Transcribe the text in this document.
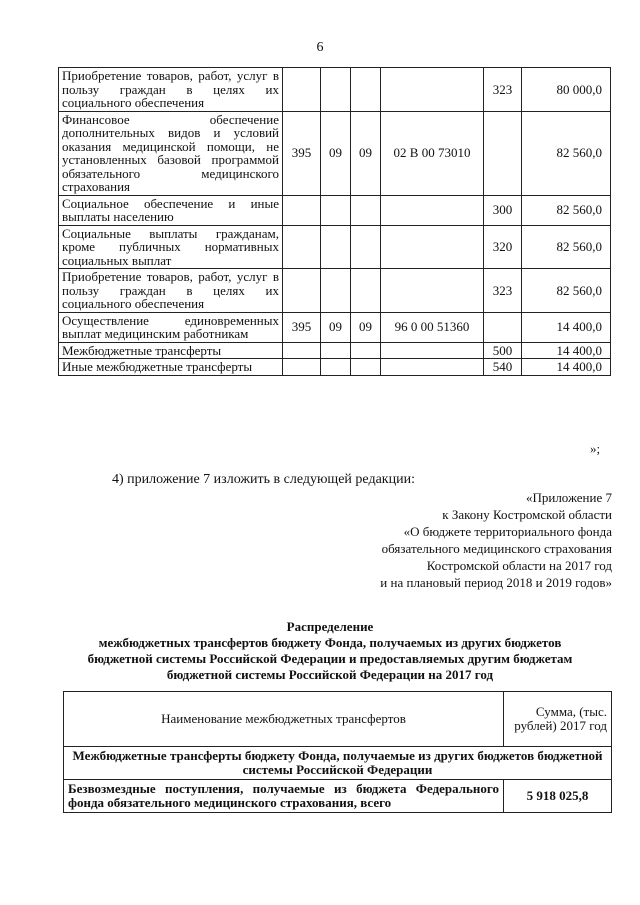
6
Приобретение товаров, работ, услуг в пользу граждан в целях их социального обеспечения					323	80 000,0
Финансовое обеспечение дополнительных видов и условий оказания медицинской помощи, не установленных базовой программой обязательного медицинского страхования	395	09	09	02 В 00 73010		82 560,0
Социальное обеспечение и иные выплаты населению					300	82 560,0
Социальные выплаты гражданам, кроме публичных нормативных социальных выплат					320	82 560,0
Приобретение товаров, работ, услуг в пользу граждан в целях их социального обеспечения					323	82 560,0
Осуществление единовременных выплат медицинским работникам	395	09	09	96 0 00 51360		14 400,0
Межбюджетные трансферты					500	14 400,0
Иные межбюджетные трансферты					540	14 400,0
»;
4) приложение 7 изложить в следующей редакции:
«Приложение 7
к Закону Костромской области
«О бюджете территориального фонда
обязательного медицинского страхования
Костромской области на 2017 год
и на плановый период 2018 и 2019 годов»
Распределение
межбюджетных трансфертов бюджету Фонда, получаемых из других бюджетов
бюджетной системы Российской Федерации и предоставляемых другим бюджетам
бюджетной системы Российской Федерации на 2017 год
Наименование межбюджетных трансфертов	Сумма, (тыс. рублей) 2017 год
Межбюджетные трансферты бюджету Фонда, получаемые из других бюджетов бюджетной системы Российской Федерации	
Безвозмездные поступления, получаемые из бюджета Федерального фонда обязательного медицинского страхования, всего	5 918 025,8
